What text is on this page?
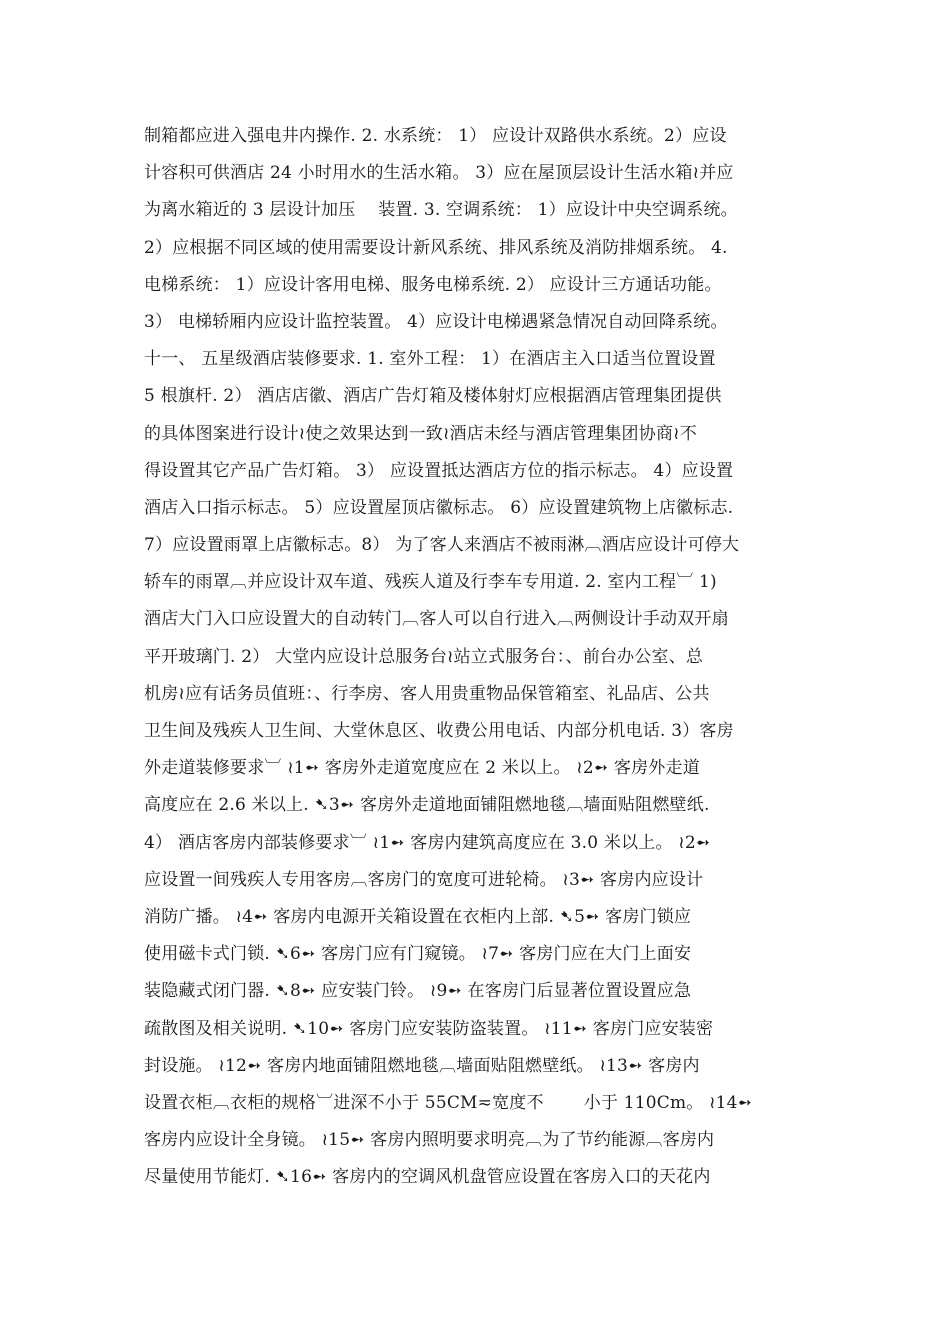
制箱都应进入强电井内操作. 2. 水系统： 1） 应设计双路供水系统。2）应设
计容积可供酒店 24 小时用水的生活水箱。 3）应在屋顶层设计生活水箱≀并应
为离水箱近的 3 层设计加压　 装置. 3. 空调系统： 1）应设计中央空调系统。
2）应根据不同区域的使用需要设计新风系统、排风系统及消防排烟系统。 4.
电梯系统： 1）应设计客用电梯、服务电梯系统. 2） 应设计三方通话功能。
3） 电梯轿厢内应设计监控装置。 4）应设计电梯遇紧急情况自动回降系统。
十一、 五星级酒店装修要求. 1. 室外工程： 1）在酒店主入口适当位置设置
5 根旗杆. 2） 酒店店徽、酒店广告灯箱及楼体射灯应根据酒店管理集团提供
的具体图案进行设计≀使之效果达到一致≀酒店未经与酒店管理集团协商≀不
得设置其它产品广告灯箱。 3） 应设置抵达酒店方位的指示标志。 4）应设置
酒店入口指示标志。 5）应设置屋顶店徽标志。 6）应设置建筑物上店徽标志.
7）应设置雨罩上店徽标志。8） 为了客人来酒店不被雨淋︹酒店应设计可停大
轿车的雨罩︹并应设计双车道、残疾人道及行李车专用道. 2. 室内工程︺ 1)
酒店大门入口应设置大的自动转门︹客人可以自行进入︹两侧设计手动双开扇
平开玻璃门. 2） 大堂内应设计总服务台≀站立式服务台：、前台办公室、总
机房≀应有话务员值班：、行李房、客人用贵重物品保管箱室、礼品店、公共
卫生间及残疾人卫生间、大堂休息区、收费公用电话、内部分机电话. 3）客房
外走道装修要求︺ ≀1➻ 客房外走道宽度应在 2 米以上。 ≀2➻ 客房外走道
高度应在 2.6 米以上. ➷3➻ 客房外走道地面铺阻燃地毯︹墙面贴阻燃壁纸.
4） 酒店客房内部装修要求︺ ≀1➻ 客房内建筑高度应在 3.0 米以上。 ≀2➻
应设置一间残疾人专用客房︹客房门的宽度可进轮椅。 ≀3➻ 客房内应设计
消防广播。 ≀4➻ 客房内电源开关箱设置在衣柜内上部. ➷5➻ 客房门锁应
使用磁卡式门锁. ➷6➻ 客房门应有门窥镜。 ≀7➻ 客房门应在大门上面安
装隐藏式闭门器. ➷8➻ 应安装门铃。 ≀9➻ 在客房门后显著位置设置应急
疏散图及相关说明. ➷10➻ 客房门应安装防盗装置。 ≀11➻ 客房门应安装密
封设施。 ≀12➻ 客房内地面铺阻燃地毯︹墙面贴阻燃壁纸。 ≀13➻ 客房内
设置衣柜︹衣柜的规格︺进深不小于 55CM≂宽度不　　 小于 110Cm。 ≀14➻
客房内应设计全身镜。 ≀15➻ 客房内照明要求明亮︹为了节约能源︹客房内
尽量使用节能灯. ➷16➻ 客房内的空调风机盘管应设置在客房入口的天花内
